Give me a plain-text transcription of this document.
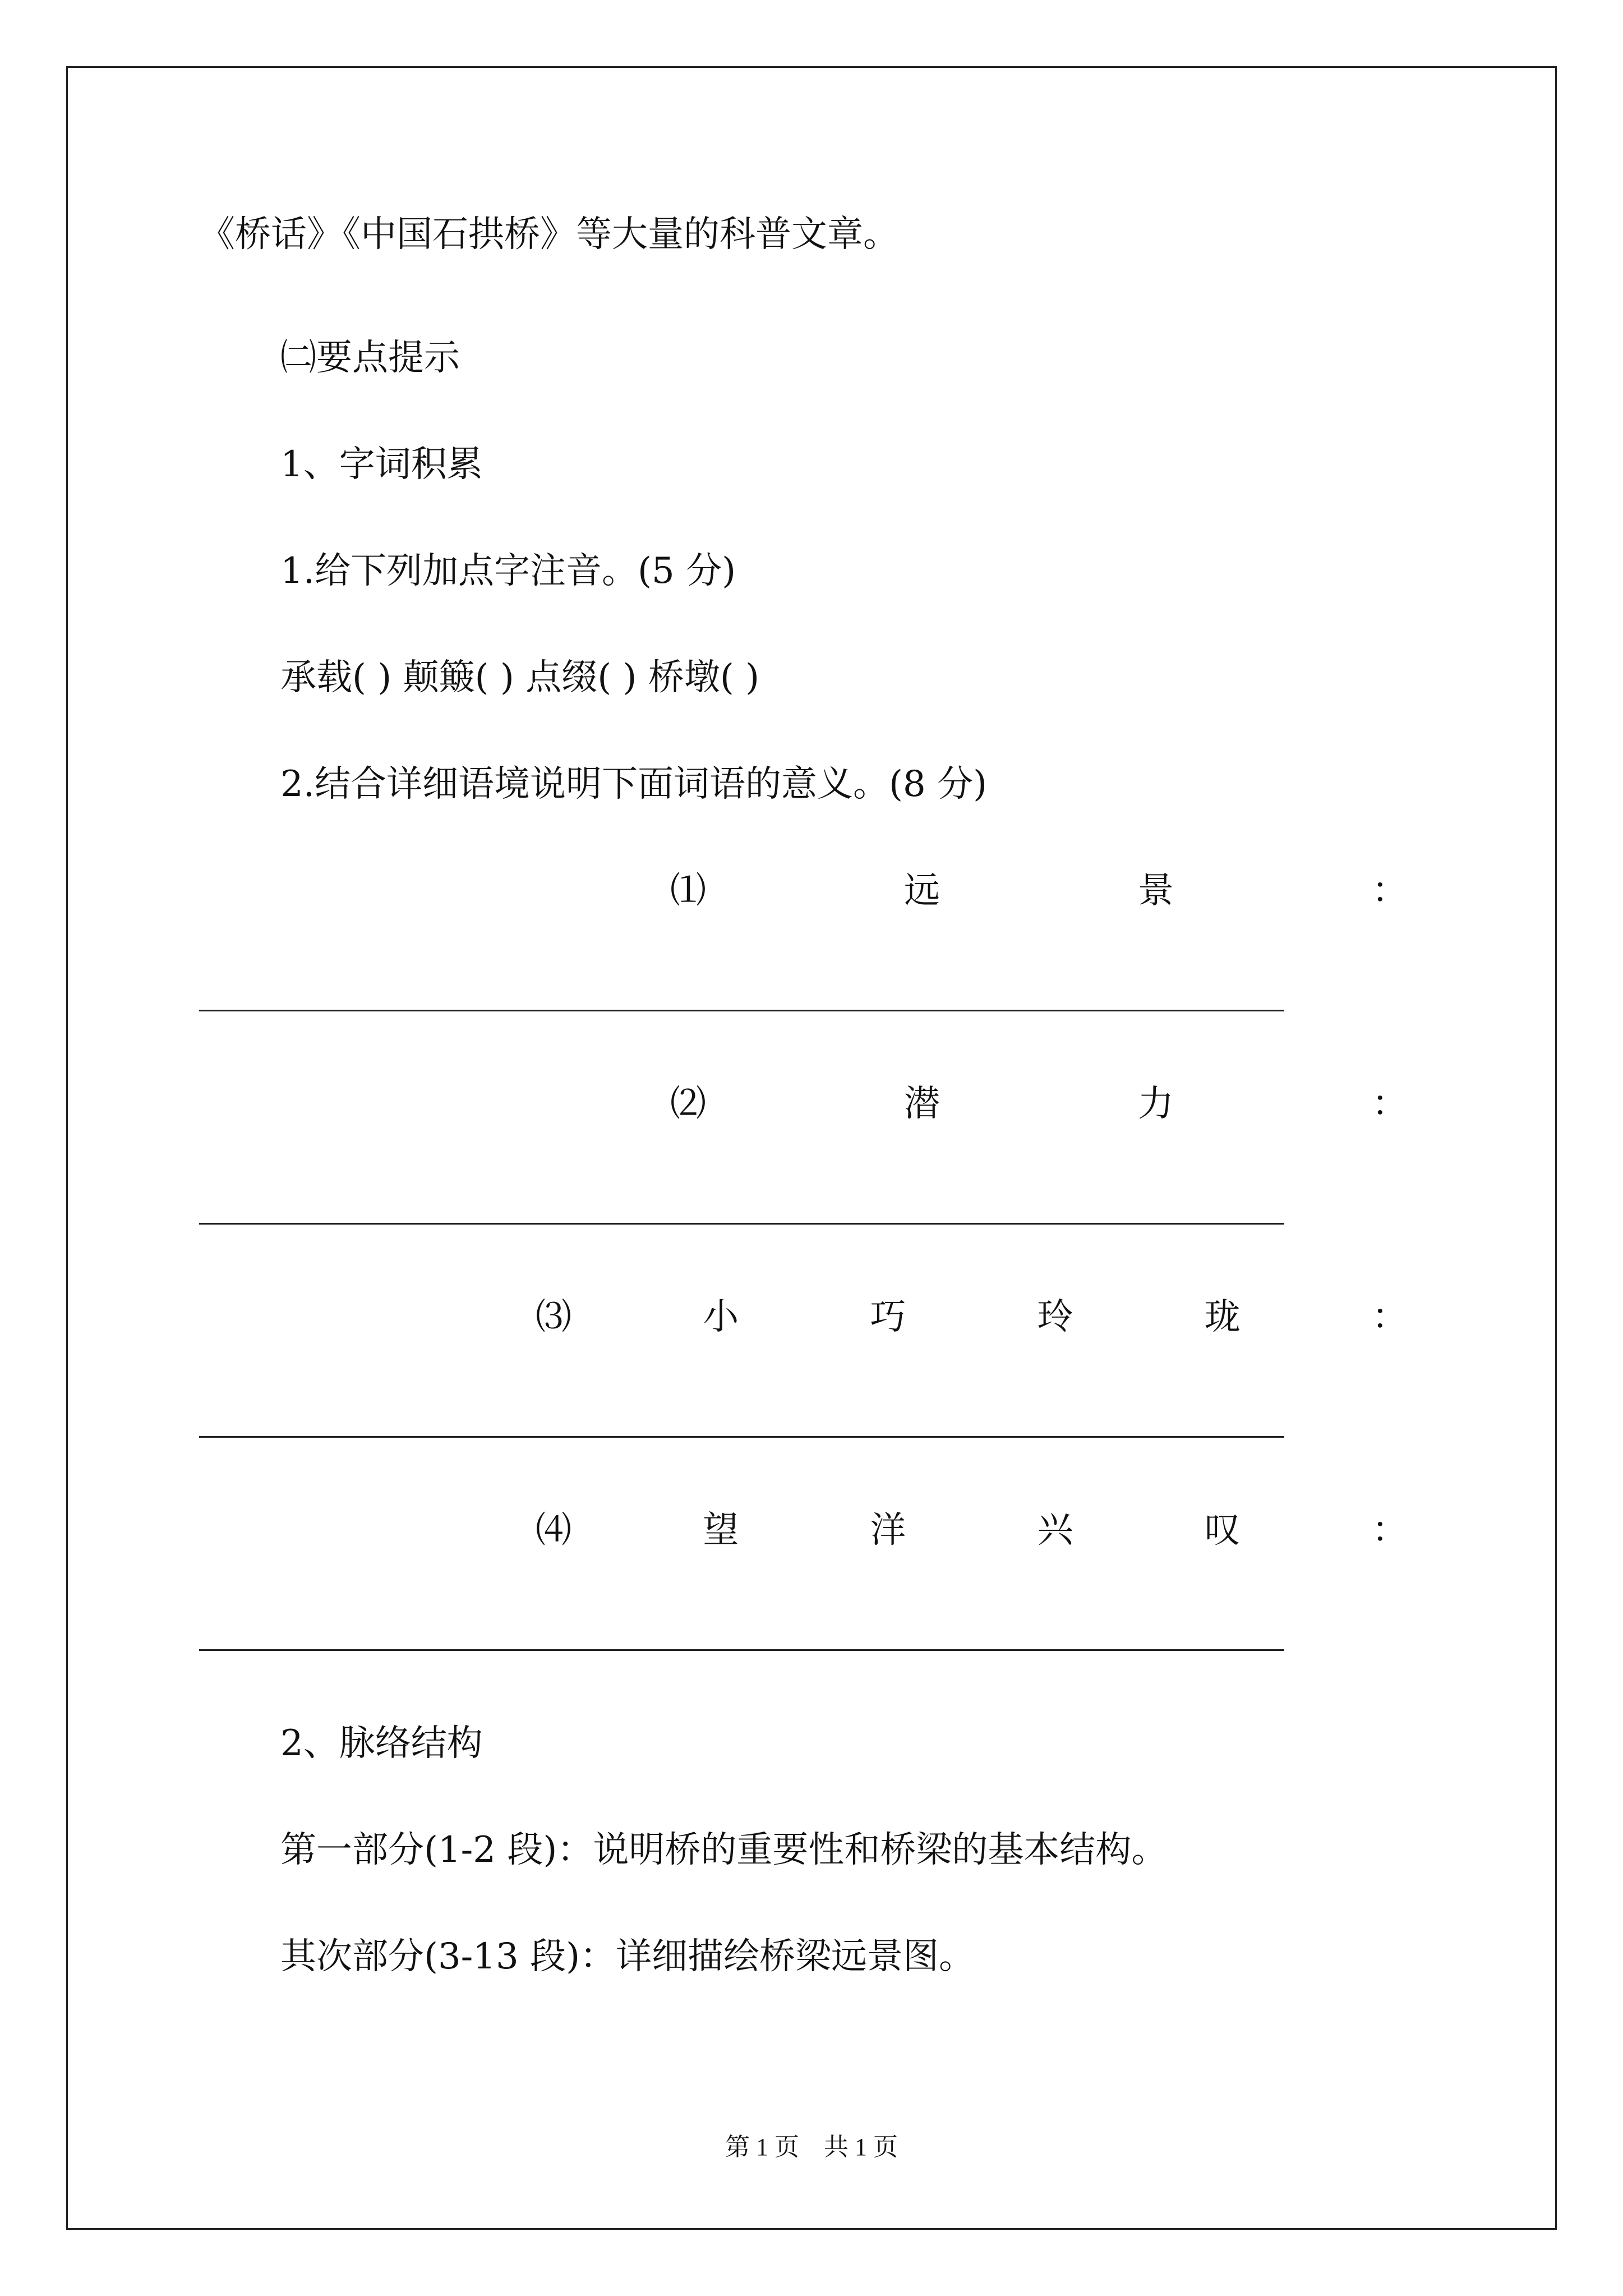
《桥话》《中国石拱桥》等大量的科普文章。
㈡要点提示
1、字词积累
1.给下列加点字注音。(5 分)
承载( ) 颠簸( ) 点缀( ) 桥墩( )
2.结合详细语境说明下面词语的意义。(8 分)
⑴	远	景	：
⑵	潜	力	：
⑶	小	巧	玲	珑	：
⑷	望	洋	兴	叹	：
2、脉络结构
第一部分(1-2 段)：说明桥的重要性和桥梁的基本结构。
其次部分(3-13 段)：详细描绘桥梁远景图。
第 1 页　共 1 页
